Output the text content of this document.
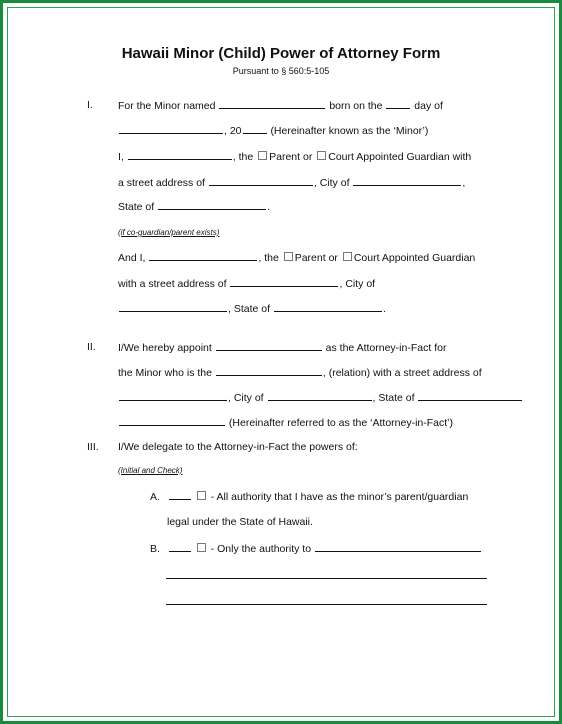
Hawaii Minor (Child) Power of Attorney Form
Pursuant to § 560:5-105
I. For the Minor named	born on the	day of
, 20	(Hereinafter known as the ‘Minor’)
I,	, the Parent or Court Appointed Guardian with
a street address of	, City of	,
State of	.
(if co-guardian/parent exists)
And I,	, the Parent or Court Appointed Guardian
with a street address of	, City of
, State of	.
II. I/We hereby appoint	as the Attorney-in-Fact for
the Minor who is the	, (relation) with a street address of
, City of	, State of
(Hereinafter referred to as the ‘Attorney-in-Fact’)
III. I/We delegate to the Attorney-in-Fact the powers of:
(Initial and Check)
A.	- All authority that I have as the minor’s parent/guardian
legal under the State of Hawaii.
B.	- Only the authority to
